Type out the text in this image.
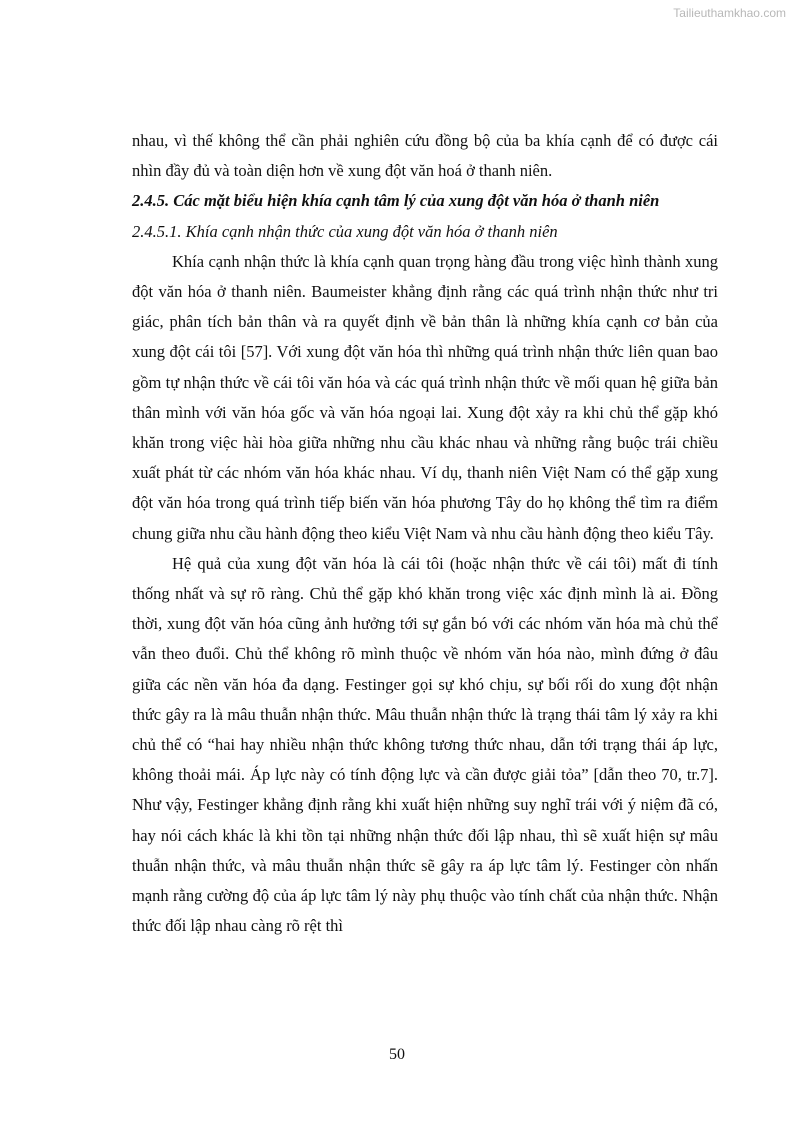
Tailieuthamkhao.com

nhau, vì thế không thể cần phải nghiên cứu đồng bộ của ba khía cạnh để có được cái nhìn đầy đủ và toàn diện hơn về xung đột văn hoá ở thanh niên.

2.4.5. Các mặt biểu hiện khía cạnh tâm lý của xung đột văn hóa ở thanh niên
2.4.5.1. Khía cạnh nhận thức của xung đột văn hóa ở thanh niên

Khía cạnh nhận thức là khía cạnh quan trọng hàng đầu trong việc hình thành xung đột văn hóa ở thanh niên. Baumeister khẳng định rằng các quá trình nhận thức như tri giác, phân tích bản thân và ra quyết định về bản thân là những khía cạnh cơ bản của xung đột cái tôi [57]. Với xung đột văn hóa thì những quá trình nhận thức liên quan bao gồm tự nhận thức về cái tôi văn hóa và các quá trình nhận thức về mối quan hệ giữa bản thân mình với văn hóa gốc và văn hóa ngoại lai. Xung đột xảy ra khi chủ thể gặp khó khăn trong việc hài hòa giữa những nhu cầu khác nhau và những rằng buộc trái chiều xuất phát từ các nhóm văn hóa khác nhau. Ví dụ, thanh niên Việt Nam có thể gặp xung đột văn hóa trong quá trình tiếp biến văn hóa phương Tây do họ không thể tìm ra điểm chung giữa nhu cầu hành động theo kiểu Việt Nam và nhu cầu hành động theo kiểu Tây.

Hệ quả của xung đột văn hóa là cái tôi (hoặc nhận thức về cái tôi) mất đi tính thống nhất và sự rõ ràng. Chủ thể gặp khó khăn trong việc xác định mình là ai. Đồng thời, xung đột văn hóa cũng ảnh hưởng tới sự gắn bó với các nhóm văn hóa mà chủ thể vẫn theo đuổi. Chủ thể không rõ mình thuộc về nhóm văn hóa nào, mình đứng ở đâu giữa các nền văn hóa đa dạng. Festinger gọi sự khó chịu, sự bối rối do xung đột nhận thức gây ra là mâu thuẫn nhận thức. Mâu thuẫn nhận thức là trạng thái tâm lý xảy ra khi chủ thể có “hai hay nhiều nhận thức không tương thức nhau, dẫn tới trạng thái áp lực, không thoải mái. Áp lực này có tính động lực và cần được giải tỏa” [dẫn theo 70, tr.7]. Như vậy, Festinger khẳng định rằng khi xuất hiện những suy nghĩ trái với ý niệm đã có, hay nói cách khác là khi tồn tại những nhận thức đối lập nhau, thì sẽ xuất hiện sự mâu thuẫn nhận thức, và mâu thuẫn nhận thức sẽ gây ra áp lực tâm lý. Festinger còn nhấn mạnh rằng cường độ của áp lực tâm lý này phụ thuộc vào tính chất của nhận thức. Nhận thức đối lập nhau càng rõ rệt thì

50
